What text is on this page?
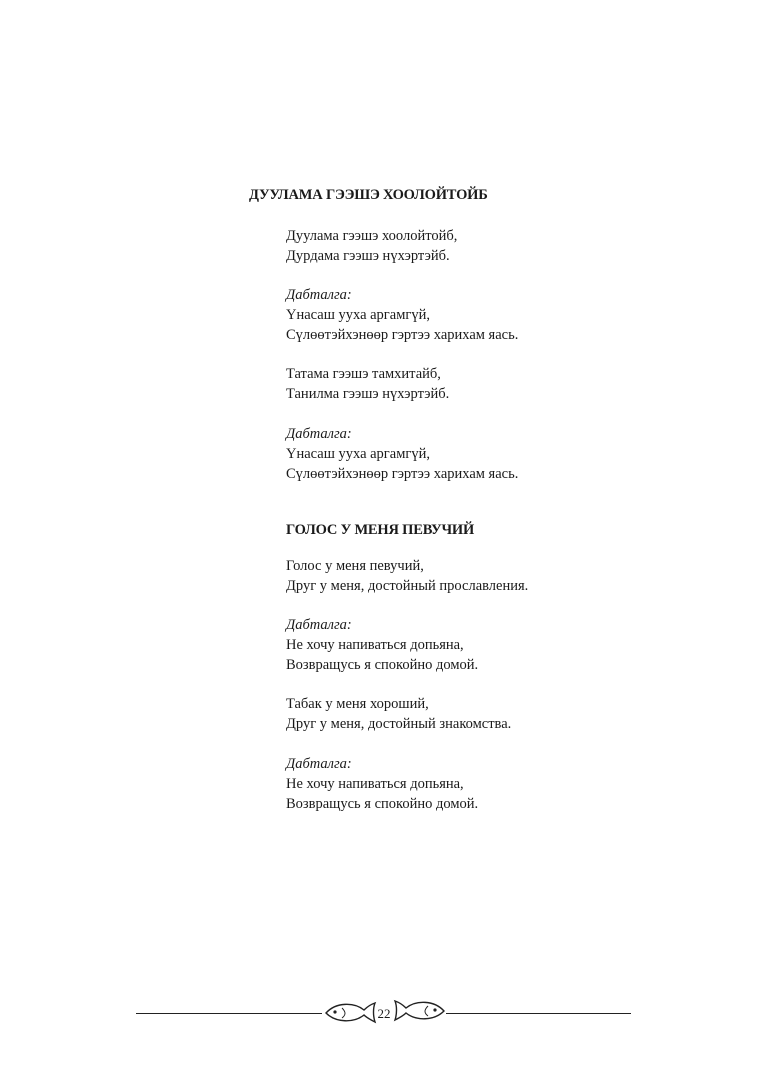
ДУУЛАМА ГЭЭШЭ ХООЛОЙТОЙБ
Дуулама гээшэ хоолойтойб,
Дурдама гээшэ нүхэртэйб.
Дабталга:
Үнасаш ууха аргамгүй,
Сүлөөтэйхэнөөр гэртээ харихам яась.
Татама гээшэ тамхитайб,
Танилма гээшэ нүхэртэйб.
Дабталга:
Үнасаш ууха аргамгүй,
Сүлөөтэйхэнөөр гэртээ харихам яась.
ГОЛОС У МЕНЯ ПЕВУЧИЙ
Голос у меня певучий,
Друг у меня, достойный прославления.
Дабталга:
Не хочу напиваться допьяна,
Возвращусь я спокойно домой.
Табак у меня хороший,
Друг у меня, достойный знакомства.
Дабталга:
Не хочу напиваться допьяна,
Возвращусь я спокойно домой.
22
